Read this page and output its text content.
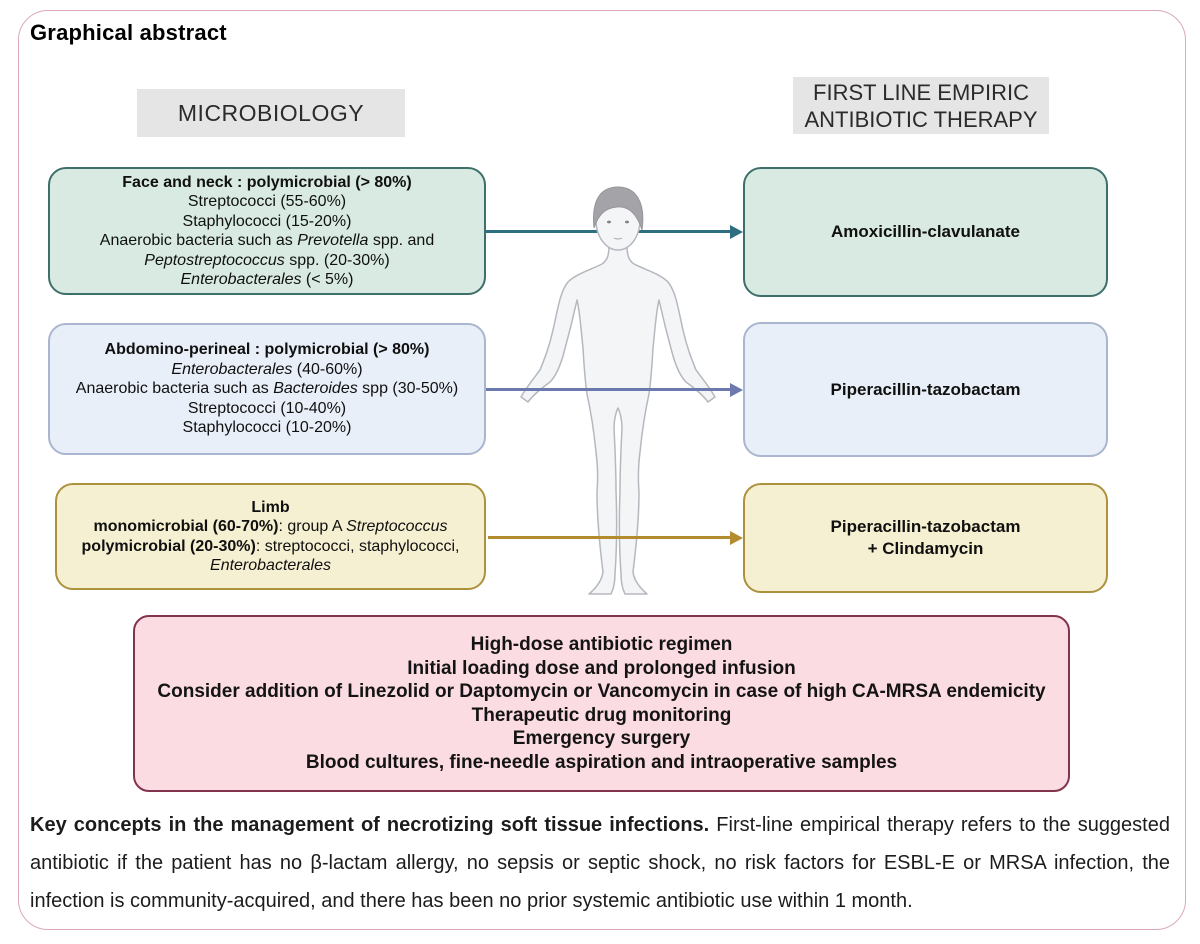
Graphical abstract
MICROBIOLOGY
FIRST LINE EMPIRIC
ANTIBIOTIC THERAPY
Face and neck : polymicrobial (> 80%)
Streptococci (55-60%)
Staphylococci (15-20%)
Anaerobic bacteria such as Prevotella spp. and
Peptostreptococcus spp. (20-30%)
Enterobacterales (< 5%)
Abdomino-perineal : polymicrobial (> 80%)
Enterobacterales (40-60%)
Anaerobic bacteria such as Bacteroides spp (30-50%)
Streptococci (10-40%)
Staphylococci (10-20%)
Limb
monomicrobial (60-70%): group A Streptococcus
polymicrobial (20-30%): streptococci, staphylococci,
Enterobacterales
Amoxicillin-clavulanate
Piperacillin-tazobactam
Piperacillin-tazobactam
+ Clindamycin
High-dose antibiotic regimen
Initial loading dose and prolonged infusion
Consider addition of Linezolid or Daptomycin or Vancomycin in case of high CA-MRSA endemicity
Therapeutic drug monitoring
Emergency surgery
Blood cultures, fine-needle aspiration and intraoperative samples

Key concepts in the management of necrotizing soft tissue infections. First-line empirical therapy refers to the suggested antibiotic if the patient has no β-lactam allergy, no sepsis or septic shock, no risk factors for ESBL-E or MRSA infection, the infection is community-acquired, and there has been no prior systemic antibiotic use within 1 month.
